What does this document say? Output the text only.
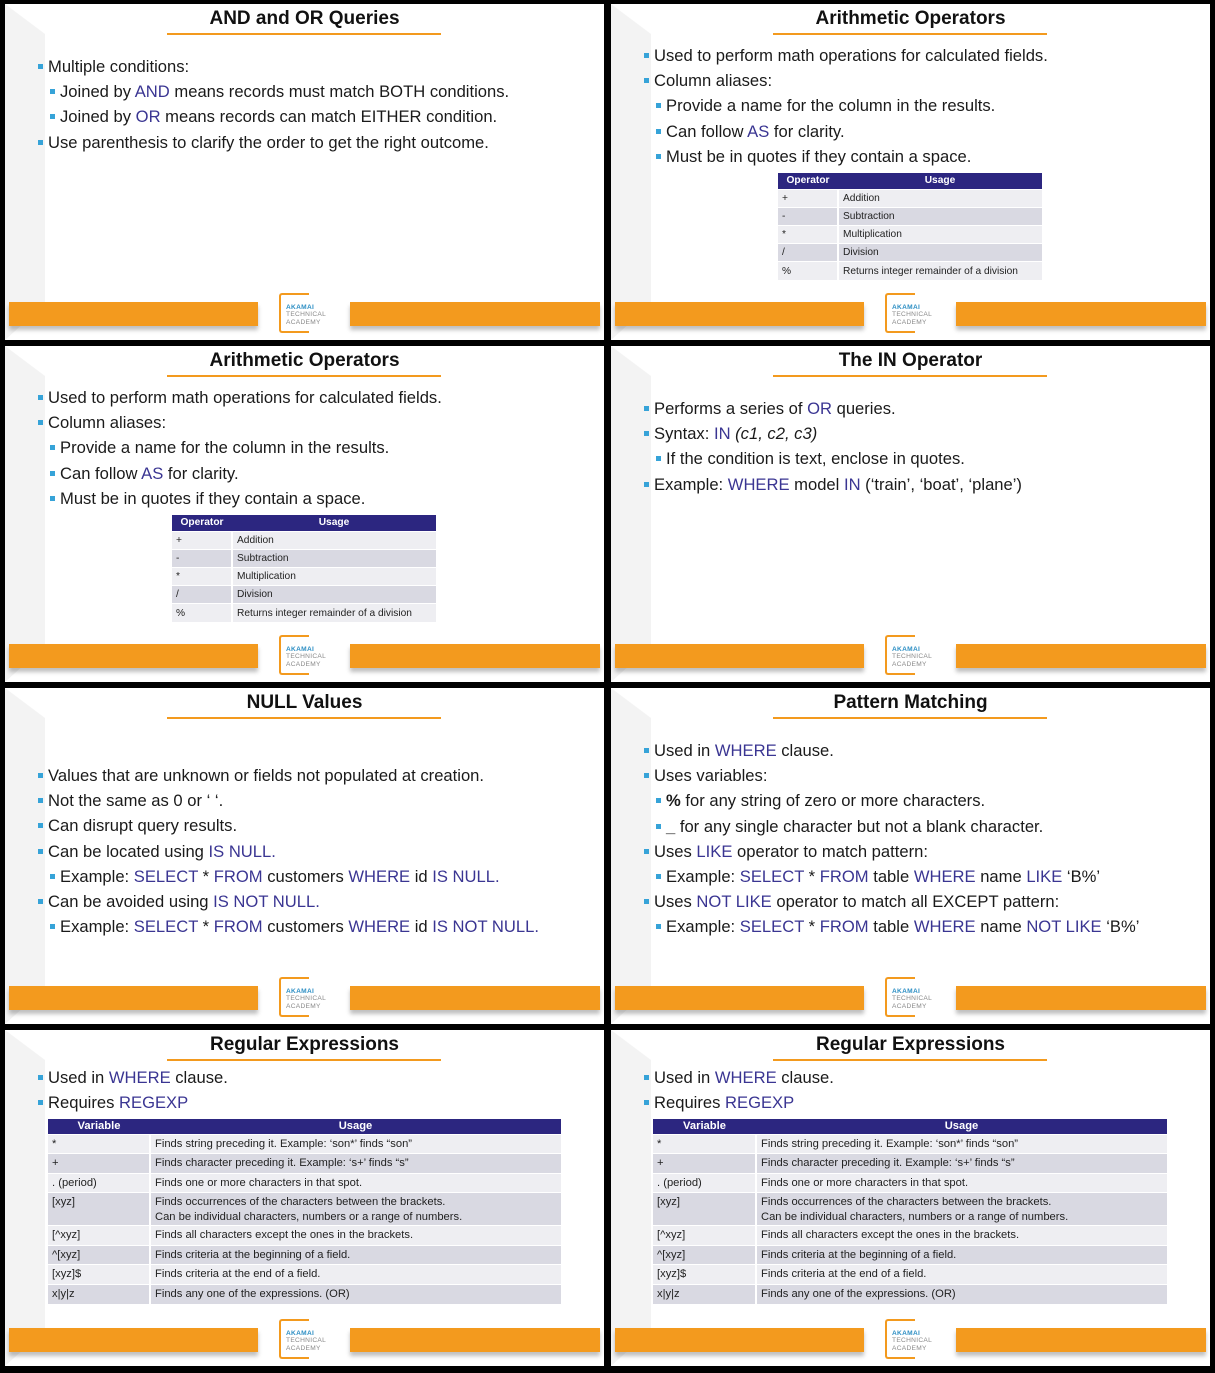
AND and OR Queries
Multiple conditions:
Joined by AND means records must match BOTH conditions.
Joined by OR means records can match EITHER condition.
Use parenthesis to clarify the order to get the right outcome.
AKAMAI
TECHNICAL
ACADEMY
Arithmetic Operators
Used to perform math operations for calculated fields.
Column aliases:
Provide a name for the column in the results.
Can follow AS for clarity.
Must be in quotes if they contain a space.
Operator	Usage
+	Addition
-	Subtraction
*	Multiplication
/	Division
%	Returns integer remainder of a division
AKAMAI
TECHNICAL
ACADEMY
Arithmetic Operators
Used to perform math operations for calculated fields.
Column aliases:
Provide a name for the column in the results.
Can follow AS for clarity.
Must be in quotes if they contain a space.
Operator	Usage
+	Addition
-	Subtraction
*	Multiplication
/	Division
%	Returns integer remainder of a division
AKAMAI
TECHNICAL
ACADEMY
The IN Operator
Performs a series of OR queries.
Syntax: IN (c1, c2, c3)
If the condition is text, enclose in quotes.
Example: WHERE model IN (‘train’, ‘boat’, ‘plane’)
AKAMAI
TECHNICAL
ACADEMY
NULL Values
Values that are unknown or fields not populated at creation.
Not the same as 0 or ‘ ‘.
Can disrupt query results.
Can be located using IS NULL.
Example: SELECT * FROM customers WHERE id IS NULL.
Can be avoided using IS NOT NULL.
Example: SELECT * FROM customers WHERE id IS NOT NULL.
AKAMAI
TECHNICAL
ACADEMY
Pattern Matching
Used in WHERE clause.
Uses variables:
% for any string of zero or more characters.
_ for any single character but not a blank character.
Uses LIKE operator to match pattern:
Example: SELECT * FROM table WHERE name LIKE ‘B%’
Uses NOT LIKE operator to match all EXCEPT pattern:
Example: SELECT * FROM table WHERE name NOT LIKE ‘B%’
AKAMAI
TECHNICAL
ACADEMY
Regular Expressions
Used in WHERE clause.
Requires REGEXP
Variable	Usage
*	Finds string preceding it. Example: ‘son*’ finds “son”

+	Finds character preceding it. Example: ‘s+’ finds “s”

. (period)	Finds one or more characters in that spot.

[xyz]	Finds occurrences of the characters between the brackets.
Can be individual characters, numbers or a range of numbers.

[^xyz]	Finds all characters except the ones in the brackets.

^[xyz]	Finds criteria at the beginning of a field.

[xyz]$	Finds criteria at the end of a field.

x|y|z	Finds any one of the expressions. (OR)
AKAMAI
TECHNICAL
ACADEMY
Regular Expressions
Used in WHERE clause.
Requires REGEXP
Variable	Usage
*	Finds string preceding it. Example: ‘son*’ finds “son”

+	Finds character preceding it. Example: ‘s+’ finds “s”

. (period)	Finds one or more characters in that spot.

[xyz]	Finds occurrences of the characters between the brackets.
Can be individual characters, numbers or a range of numbers.

[^xyz]	Finds all characters except the ones in the brackets.

^[xyz]	Finds criteria at the beginning of a field.

[xyz]$	Finds criteria at the end of a field.

x|y|z	Finds any one of the expressions. (OR)
AKAMAI
TECHNICAL
ACADEMY
